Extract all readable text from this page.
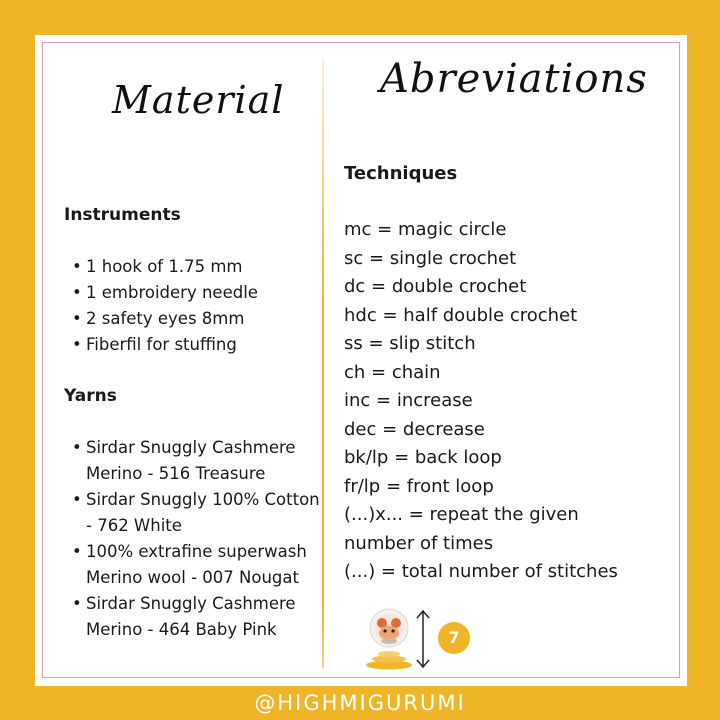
Material Abreviations
Instruments
• 1 hook of 1.75 mm
• 1 embroidery needle
• 2 safety eyes 8mm
• Fiberfil for stuffing
Yarns
• Sirdar Snuggly Cashmere
Merino - 516 Treasure
• Sirdar Snuggly 100% Cotton
- 762 White
• 100% extrafine superwash
Merino wool - 007 Nougat
• Sirdar Snuggly Cashmere
Merino - 464 Baby Pink
Techniques
mc = magic circle
sc = single crochet
dc = double crochet
hdc = half double crochet
ss = slip stitch
ch = chain
inc = increase
dec = decrease
bk/lp = back loop
fr/lp = front loop
(...)x... = repeat the given
number of times
(...) = total number of stitches
7
@HIGHMIGURUMI
